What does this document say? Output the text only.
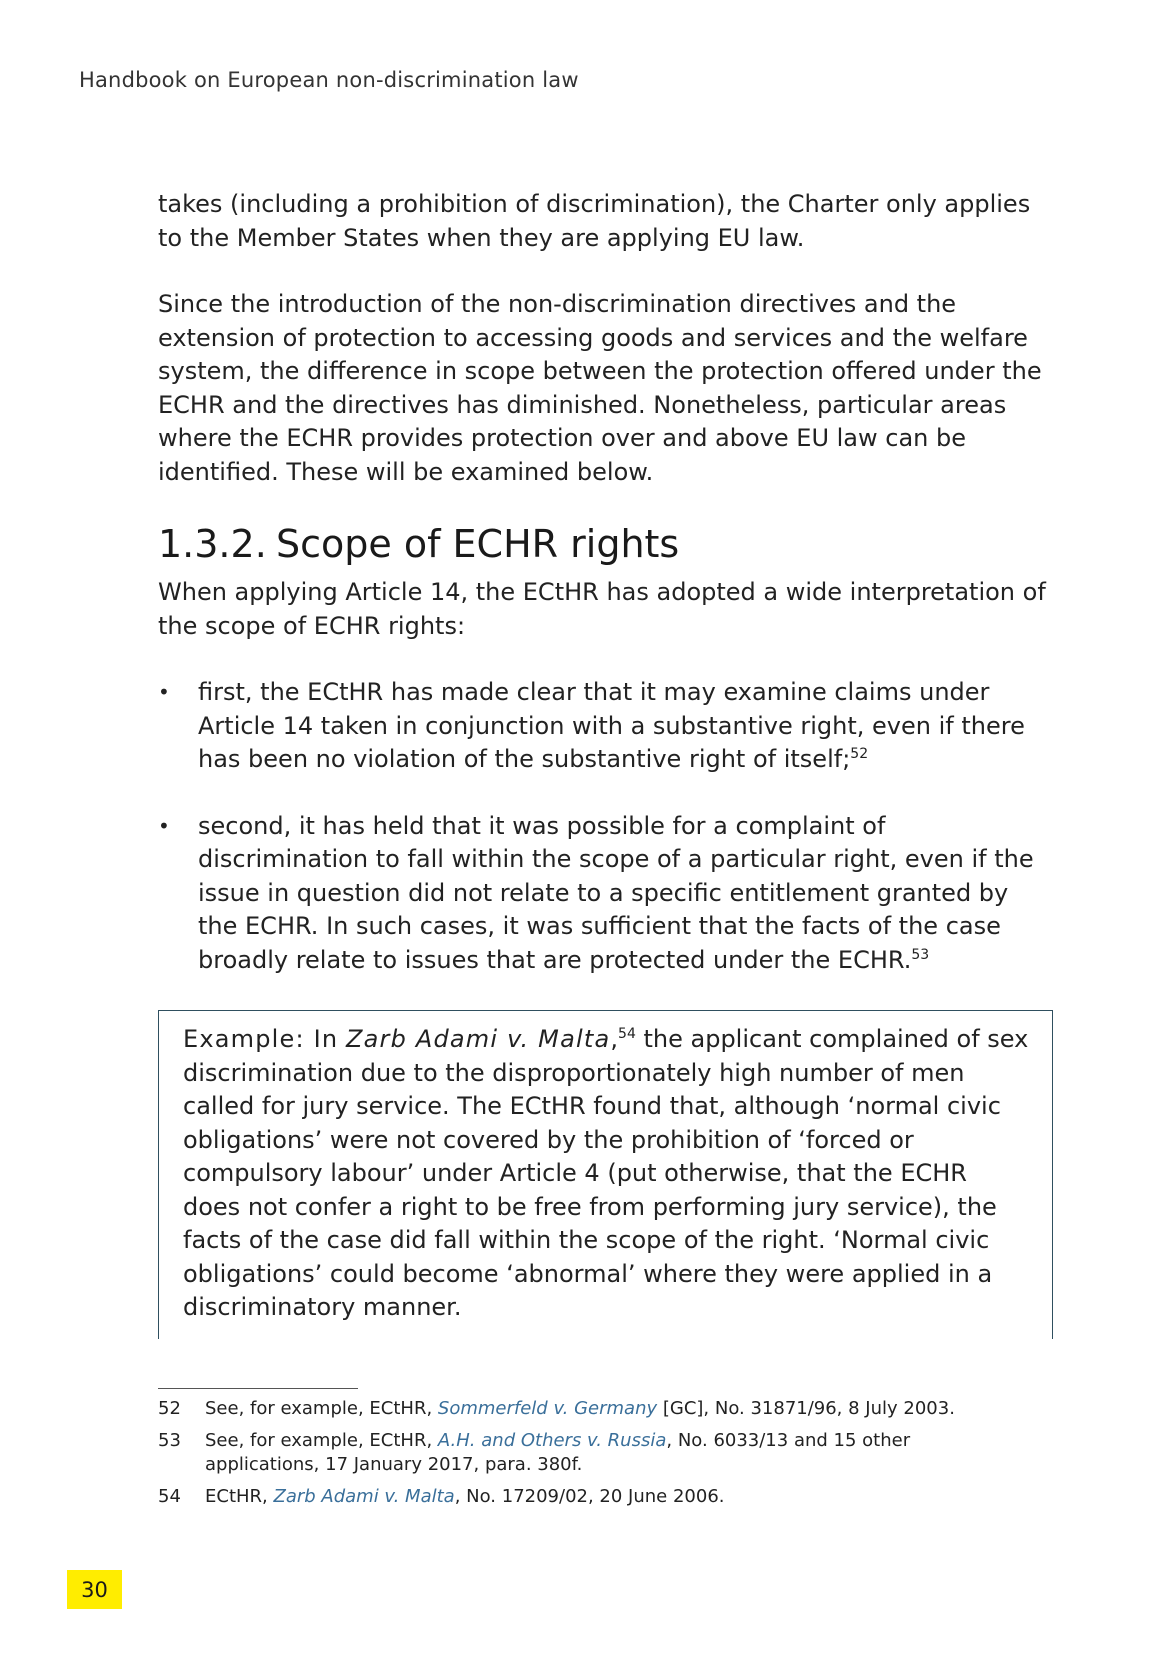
Handbook on European non-discrimination law

takes (including a prohibition of discrimination), the Charter only applies to the Member States when they are applying EU law.

Since the introduction of the non-discrimination directives and the extension of protection to accessing goods and services and the welfare system, the difference in scope between the protection offered under the ECHR and the directives has diminished. Nonetheless, particular areas where the ECHR provides protection over and above EU law can be identified. These will be examined below.

1.3.2. Scope of ECHR rights

When applying Article 14, the ECtHR has adopted a wide interpretation of the scope of ECHR rights:

• first, the ECtHR has made clear that it may examine claims under Article 14 taken in conjunction with a substantive right, even if there has been no violation of the substantive right of itself;$^{52}$
• second, it has held that it was possible for a complaint of discrimination to fall within the scope of a particular right, even if the issue in question did not relate to a specific entitlement granted by the ECHR. In such cases, it was sufficient that the facts of the case broadly relate to issues that are protected under the ECHR.$^{53}$
Example: In Zarb Adami v. Malta,$^{54}$ the applicant complained of sex discrimination due to the disproportionately high number of men called for jury service. The ECtHR found that, although ‘normal civic obligations’ were not covered by the prohibition of ‘forced or compulsory labour’ under Article 4 (put otherwise, that the ECHR does not confer a right to be free from performing jury service), the facts of the case did fall within the scope of the right. ‘Normal civic obligations’ could become ‘abnormal’ where they were applied in a discriminatory manner.
52 See, for example, ECtHR, Sommerfeld v. Germany [GC], No. 31871/96, 8 July 2003.
53 See, for example, ECtHR, A.H. and Others v. Russia, No. 6033/13 and 15 other applications, 17 January 2017, para. 380f.
54 ECtHR, Zarb Adami v. Malta, No. 17209/02, 20 June 2006.
30
